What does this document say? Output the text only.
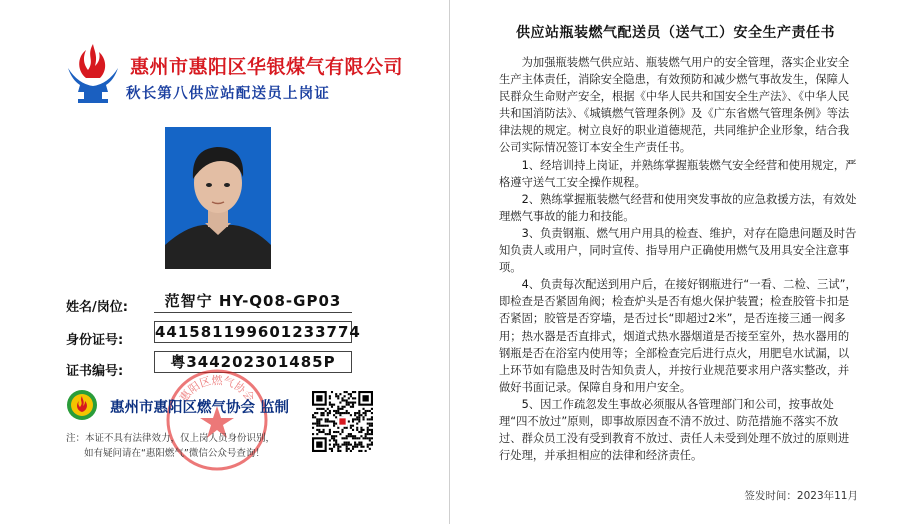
惠州市惠阳区华银煤气有限公司
秋长第八供应站配送员上岗证
姓名/岗位:	范智宁 HY-Q08-GP03
身份证号: 441581199601233774
证书编号:
粤344202301485P
惠阳区燃气协会
惠州市惠阳区燃气协会 监制
注：本证不具有法律效力，仅上岗人员身份识别，
如有疑问请在“惠阳燃气”微信公众号查询！
供应站瓶装燃气配送员（送气工）安全生产责任书

为加强瓶装燃气供应站、瓶装燃气用户的安全管理，落实企业安全生产主体责任，消除安全隐患，有效预防和减少燃气事故发生，保障人民群众生命财产安全，根据《中华人民共和国安全生产法》、《中华人民共和国消防法》、《城镇燃气管理条例》及《广东省燃气管理条例》等法律法规的规定。树立良好的职业道德规范，共同维护企业形象，结合我公司实际情况签订本安全生产责任书。

1、经培训持上岗证，并熟练掌握瓶装燃气安全经营和使用规定，严格遵守送气工安全操作规程。

2、熟练掌握瓶装燃气经营和使用突发事故的应急救援方法，有效处理燃气事故的能力和技能。

3、负责钢瓶、燃气用户用具的检查、维护，对存在隐患问题及时告知负责人或用户，同时宣传、指导用户正确使用燃气及用具安全注意事项。

4、负责每次配送到用户后，在接好钢瓶进行“一看、二检、三试”，即检查是否紧固角阀；检查炉头是否有熄火保护装置；检查胶管卡扣是否紧固；胶管是否穿墙，是否过长“即超过2米”，是否连接三通一阀多用；热水器是否直排式，烟道式热水器烟道是否接至室外，热水器用的钢瓶是否在浴室内使用等；全部检查完后进行点火，用肥皂水试漏，以上环节如有隐患及时告知负责人，并按行业规范要求用户落实整改，并做好书面记录。保障自身和用户安全。

5、因工作疏忽发生事故必须服从各管理部门和公司，按事故处理“四不放过”原则，即事故原因查不清不放过、防范措施不落实不放过、群众员工没有受到教育不放过、责任人未受到处理不放过的原则进行处理，并承担相应的法律和经济责任。

签发时间：2023年11月
